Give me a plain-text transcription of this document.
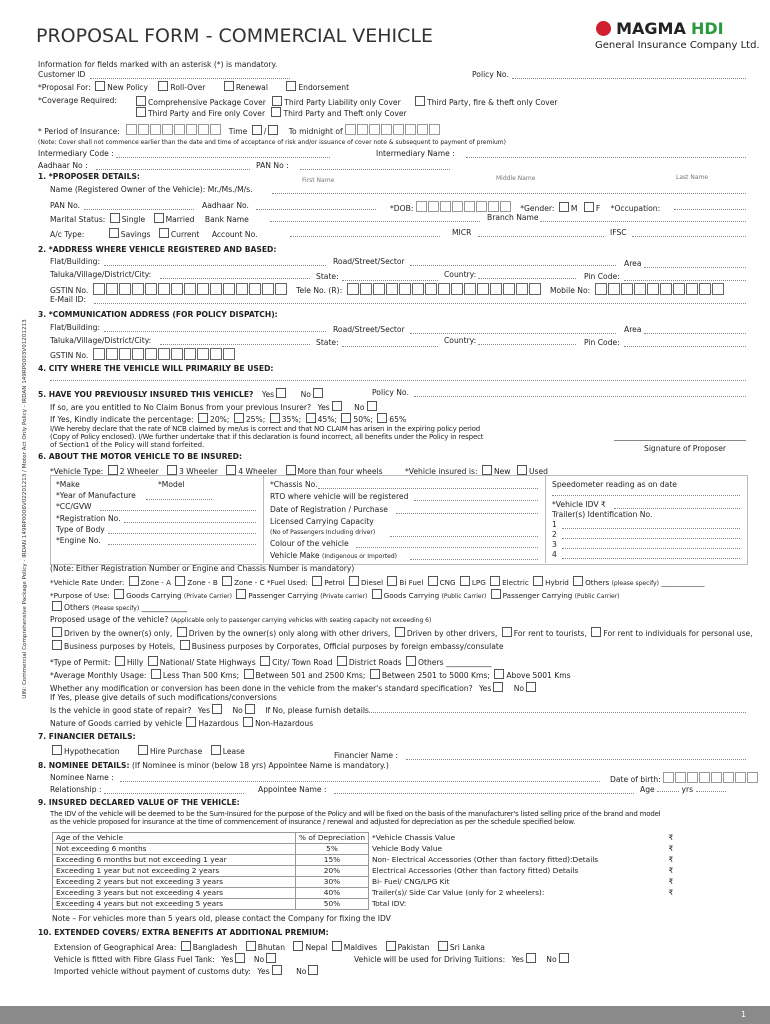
PROPOSAL FORM - COMMERCIAL VEHICLE	MAGMA HDI
General Insurance Company Ltd.
UIN: Commercial Comprehensive Package Policy - IRDAN 149RP0006V02201213 / Motor Act Only Policy - IRDAN 149RP0003V01201213
Information for fields marked with an asterisk (*) is mandatory.
Customer ID	Policy No.
*Proposal For: New Policy	Roll-Over	Renewal	Endorsement
*Coverage Required:	Comprehensive Package Cover Third Party Liability only Cover	Third Party, fire & theft only Cover
Third Party and Fire only Cover Third Party and Theft only Cover
* Period of Insurance:	Time /	To midnight of
(Note: Cover shall not commence earlier than the date and time of acceptance of risk and/or issuance of cover note & subsequent to payment of premium)
Intermediary Code :	Intermediary Name :
Aadhaar No :	PAN No :
1. *PROPOSER DETAILS:	First Name	Middle Name	Last Name
Name (Registered Owner of the Vehicle): Mr./Ms./M/s.
PAN No.	Aadhaar No.	*DOB:	*Gender: M F *Occupation:
Marital Status: Single	Married Bank Name	Branch Name
A/c Type:	Savings	Current Account No.	MICR	IFSC
2. *ADDRESS WHERE VEHICLE REGISTERED AND BASED:
Flat/Building:	Road/Street/Sector	Area
Taluka/Village/District/City:	State:	Country:	Pin Code:
GSTIN No.	Tele No. (R):	Mobile No:
E-Mail ID:
3. *COMMUNICATION ADDRESS (FOR POLICY DISPATCH):
Flat/Building:	Road/Street/Sector	Area
Taluka/Village/District/City:	State:	Country:	Pin Code:
GSTIN No.
4. CITY WHERE THE VEHICLE WILL PRIMARILY BE USED:
5. HAVE YOU PREVIOUSLY INSURED THIS VEHICLE? Yes	No	Policy No.
If so, are you entitled to No Claim Bonus from your previous Insurer? Yes	No
If Yes, Kindly indicate the percentage: 20%; 25%; 35%; 45%; 50%; 65%
I/We hereby declare that the rate of NCB claimed by me/us is correct and that NO CLAIM has arisen in the expiring policy period
(Copy of Policy enclosed). I/We further undertake that if this declaration is found incorrect, all benefits under the Policy in respect
of Section1 of the Policy will stand forfeited.	Signature of Proposer
6. ABOUT THE MOTOR VEHICLE TO BE INSURED:
*Vehicle Type: 2 Wheeler	3 Wheeler	4 Wheeler	More than four wheels	*Vehicle insured is: New Used
*Make	*Model
*Year of Manufacture
*CC/GVW
*Registration No.
Type of Body
*Engine No.
*Chassis No.
RTO where vehicle will be registered
Date of Registration / Purchase
Licensed Carrying Capacity
(No of Passengers Including driver)
Colour of the vehicle
Vehicle Make (Indigenous or Imported)
Speedometer reading as on date
*Vehicle IDV ₹
Trailer(s) Identification No.
1
2
3
4
(Note: Either Registration Number or Engine and Chassis Number is mandatory)
*Vehicle Rate Under: Zone - A Zone - B Zone - C *Fuel Used: Petrol Diesel Bi Fuel CNG LPG Electric Hybrid Others (please specify) ____________
*Purpose of Use: Goods Carrying (Private Carrier) Passenger Carrying (Private carrier) Goods Carrying (Public Carrier) Passenger Carrying (Public Carrier)
Others (Please specify) ____________
Proposed usage of the vehicle? (Applicable only to passenger carrying vehicles with seating capacity not exceeding 6)
Driven by the owner(s) only, Driven by the owner(s) only along with other drivers, Driven by other drivers, For rent to tourists, For rent to individuals for personal use,
Business purposes by Hotels, Business purposes by Corporates, Official purposes by foreign embassy/consulate
*Type of Permit: Hilly National/ State Highways City/ Town Road District Roads Others ____________
*Average Monthly Usage: Less Than 500 Kms; Between 501 and 2500 Kms; Between 2501 to 5000 Kms; Above 5001 Kms
Whether any modification or conversion has been done in the vehicle from the maker's standard specification? Yes	No
If Yes, please give details of such modifications/conversions
Is the vehicle in good state of repair? Yes	No	If No, please furnish details
Nature of Goods carried by vehicle Hazardous Non-Hazardous
7. FINANCIER DETAILS:
Hypothecation	Hire Purchase	Lease	Financier Name :
8. NOMINEE DETAILS: (If Nominee is minor (below 18 yrs) Appointee Name is mandatory.)
Nominee Name :	Date of birth:
Relationship :	Appointee Name :	Age	yrs
9. INSURED DECLARED VALUE OF THE VEHICLE:
The IDV of the vehicle will be deemed to be the Sum-Insured for the purpose of the Policy and will be fixed on the basis of the manufacturer's listed selling price of the brand and model
as the vehicle proposed for insurance at the time of commencement of insurance / renewal and adjusted for depreciation as per the schedule specified below.
Age of the Vehicle	% of Depreciation	*Vehicle Chassis Value	₹
Not exceeding 6 months	5%	Vehicle Body Value	₹
Exceeding 6 months but not exceeding 1 year	15%	Non- Electrical Accessories (Other than factory fitted):Details	₹
Exceeding 1 year but not exceeding 2 years	20%	Electrical Accessories (Other than factory fitted) Details	₹
Exceeding 2 years but not exceeding 3 years	30%	Bi- Fuel/ CNG/LPG Kit	₹
Exceeding 3 years but not exceeding 4 years	40%	Trailer(s)/ Side Car Value (only for 2 wheelers):	₹
Exceeding 4 years but not exceeding 5 years	50%	Total IDV:	
Note – For vehicles more than 5 years old, please contact the Company for fixing the IDV
10. EXTENDED COVERS/ EXTRA BENEFITS AT ADDITIONAL PREMIUM:
Extension of Geographical Area: Bangladesh	Bhutan	Nepal Maldives	Pakistan	Sri Lanka
Vehicle is fitted with Fibre Glass Fuel Tank: Yes	No	Vehicle will be used for Driving Tuitions: Yes	No
Imported vehicle without payment of customs duty: Yes	No
1
